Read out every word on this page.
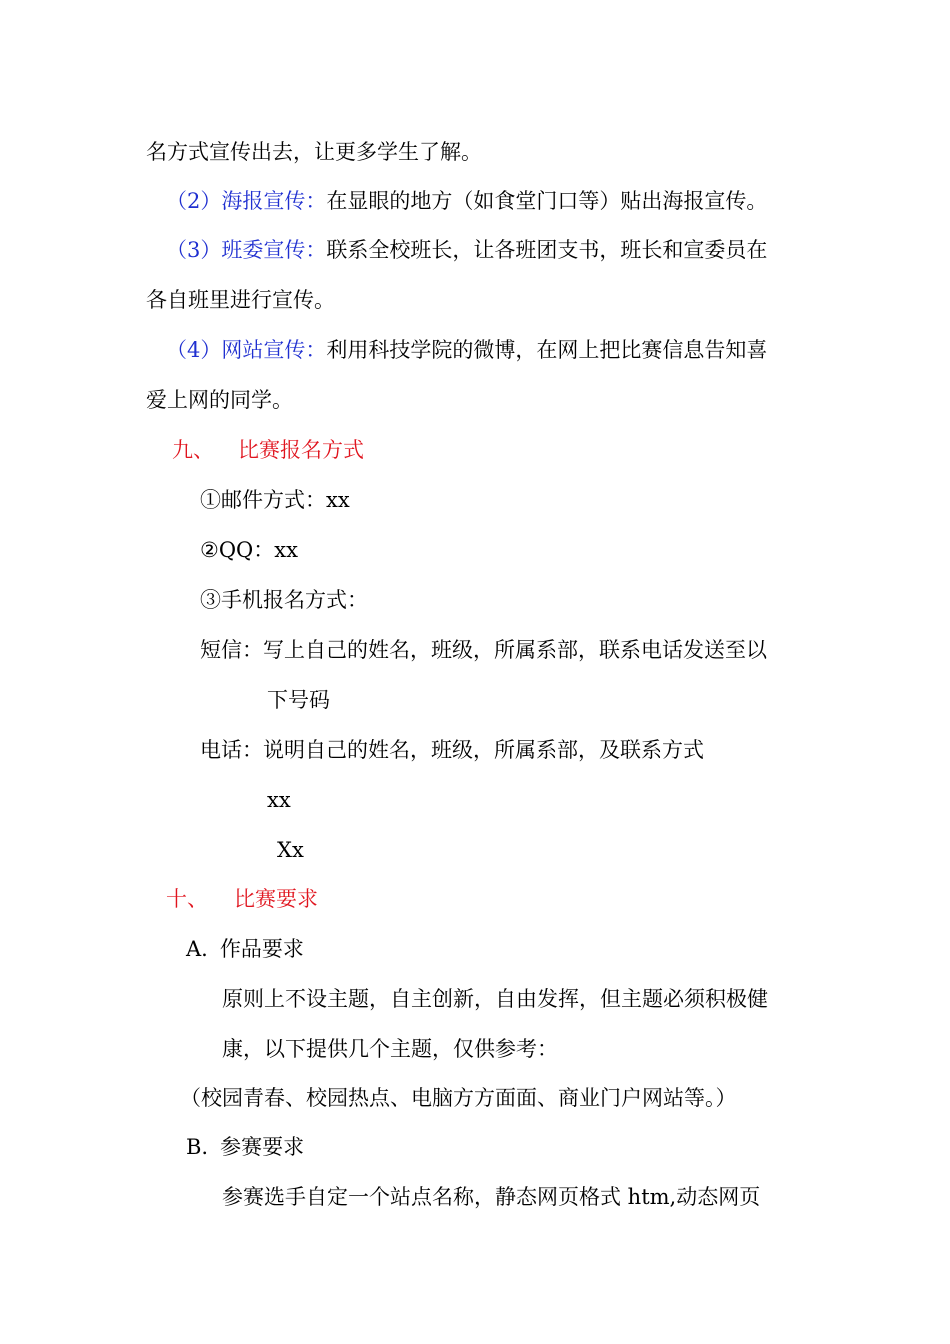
名方式宣传出去，让更多学生了解。
（2）海报宣传：在显眼的地方（如食堂门口等）贴出海报宣传。
（3）班委宣传：联系全校班长，让各班团支书，班长和宣委员在
各自班里进行宣传。
（4）网站宣传：利用科技学院的微博，在网上把比赛信息告知喜
爱上网的同学。
九、 比赛报名方式
①邮件方式：xx
②QQ：xx
③手机报名方式：
短信：写上自己的姓名，班级，所属系部，联系电话发送至以
下号码
电话：说明自己的姓名，班级，所属系部，及联系方式
xx
Xx
十、 比赛要求
A. 作品要求
原则上不设主题，自主创新，自由发挥，但主题必须积极健
康，以下提供几个主题，仅供参考：
（校园青春、校园热点、电脑方方面面、商业门户网站等。）
B. 参赛要求
参赛选手自定一个站点名称，静态网页格式 htm,动态网页
